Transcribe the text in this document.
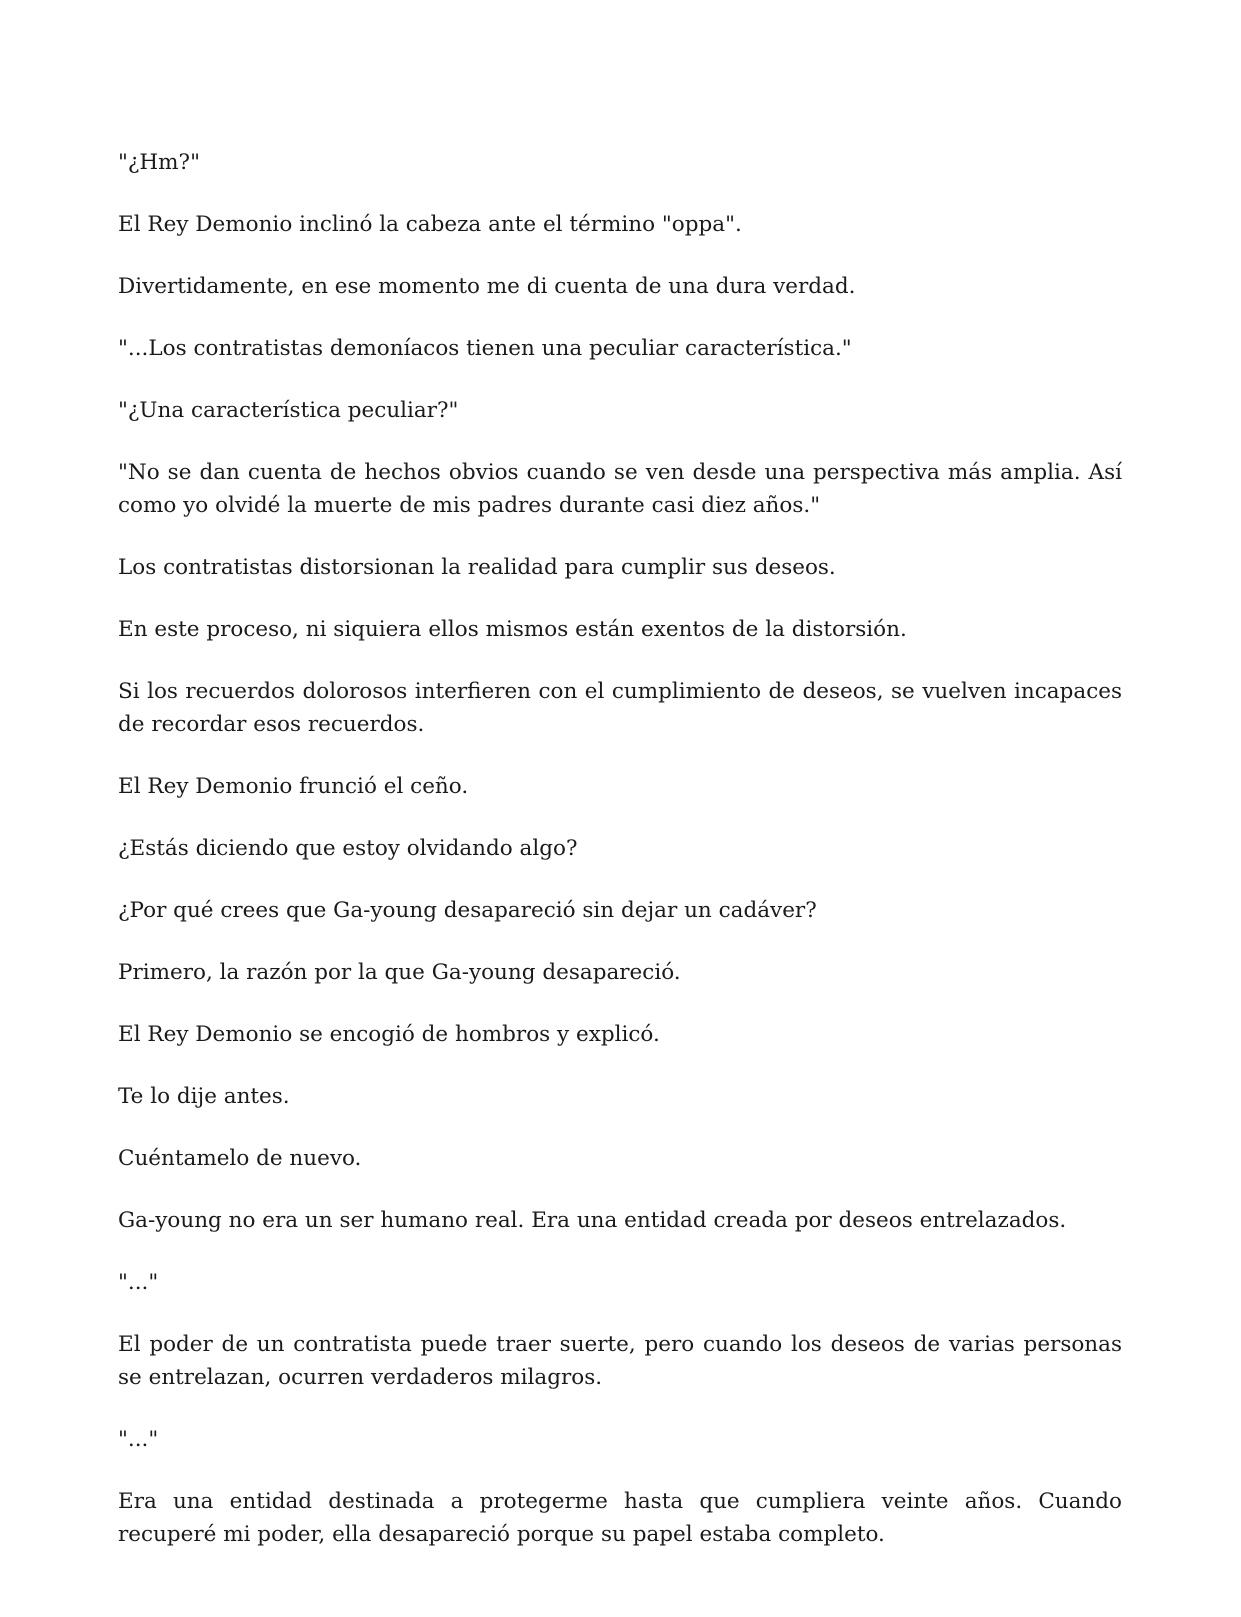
"¿Hm?"

El Rey Demonio inclinó la cabeza ante el término "oppa".

Divertidamente, en ese momento me di cuenta de una dura verdad.

"...Los contratistas demoníacos tienen una peculiar característica."

"¿Una característica peculiar?"

"No se dan cuenta de hechos obvios cuando se ven desde una perspectiva más amplia. Así como yo olvidé la muerte de mis padres durante casi diez años."

Los contratistas distorsionan la realidad para cumplir sus deseos.

En este proceso, ni siquiera ellos mismos están exentos de la distorsión.

Si los recuerdos dolorosos interfieren con el cumplimiento de deseos, se vuelven incapaces de recordar esos recuerdos.

El Rey Demonio frunció el ceño.

¿Estás diciendo que estoy olvidando algo?

¿Por qué crees que Ga-young desapareció sin dejar un cadáver?

Primero, la razón por la que Ga-young desapareció.

El Rey Demonio se encogió de hombros y explicó.

Te lo dije antes.

Cuéntamelo de nuevo.

Ga-young no era un ser humano real. Era una entidad creada por deseos entrelazados.

"..."

El poder de un contratista puede traer suerte, pero cuando los deseos de varias personas se entrelazan, ocurren verdaderos milagros.

"..."

Era una entidad destinada a protegerme hasta que cumpliera veinte años. Cuando recuperé mi poder, ella desapareció porque su papel estaba completo.
